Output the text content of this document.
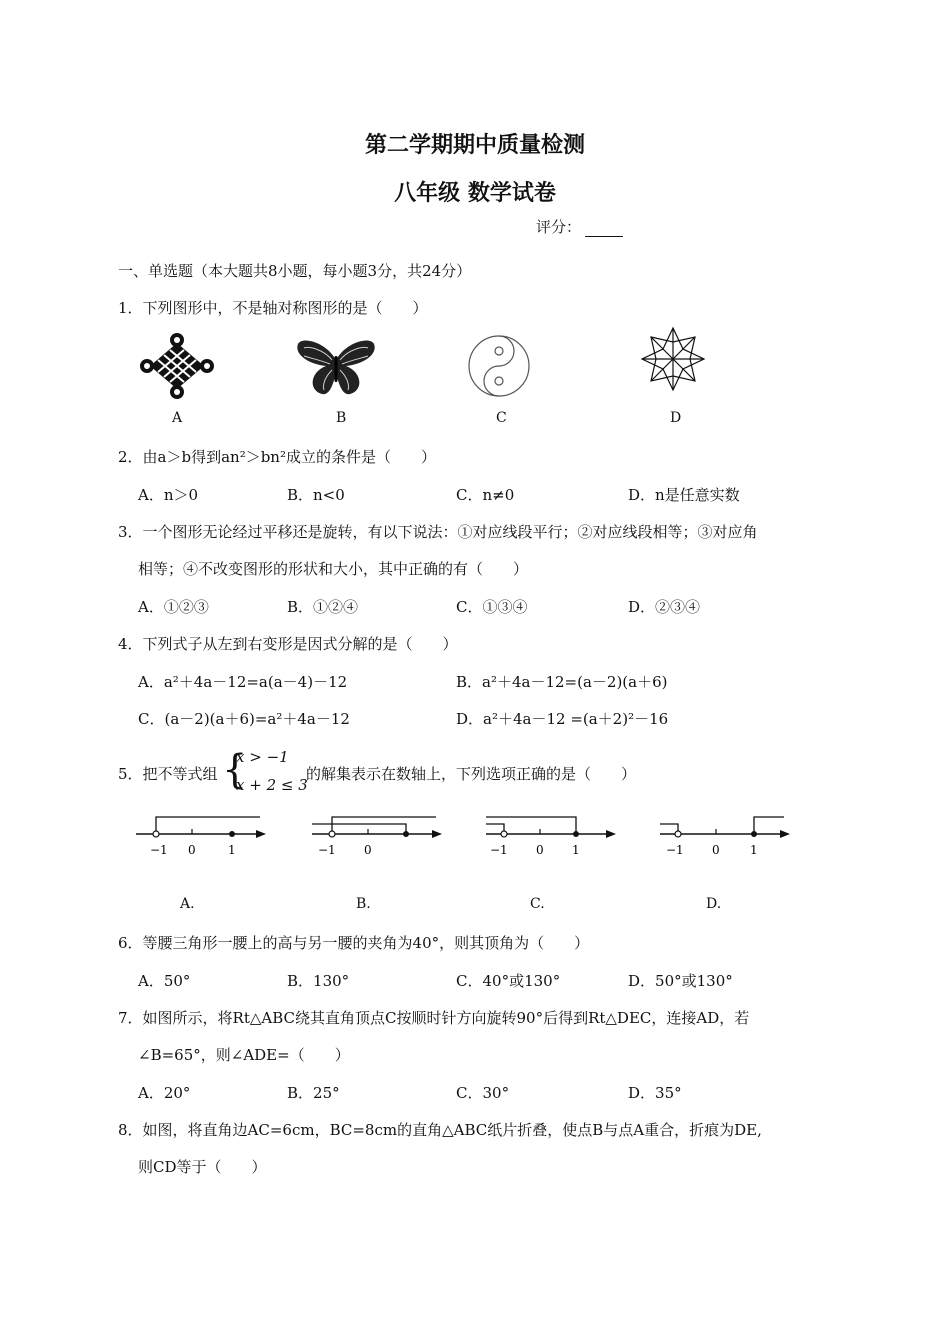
第二学期期中质量检测
八年级 数学试卷
评分：
一、单选题（本大题共8小题，每小题3分，共24分）
1．下列图形中，不是轴对称图形的是（　　）
A	B	C	D
2．由a＞b得到an²＞bn²成立的条件是（　　）
A．n＞0	B．n<0	C．n≠0	D．n是任意实数
3．一个图形无论经过平移还是旋转，有以下说法：①对应线段平行；②对应线段相等；③对应角
相等；④不改变图形的形状和大小，其中正确的有（　　）
A．①②③	B．①②④	C．①③④	D．②③④
4．下列式子从左到右变形是因式分解的是（　　）
A．a²＋4a－12=a(a－4)－12	B．a²＋4a－12=(a－2)(a＋6)
C．(a－2)(a＋6)=a²＋4a－12	D．a²＋4a－12 =(a＋2)²－16
5．把不等式组 {
x > −1
x + 2 ≤ 3
的解集表示在数轴上，下列选项正确的是（　　）
−1 0	1
A.
−1 0
B.
−1 0 1
C.
−1 0	1
D.
6．等腰三角形一腰上的高与另一腰的夹角为40°，则其顶角为（　　）
A．50°	B．130°	C．40°或130°	D．50°或130°
7．如图所示，将Rt△ABC绕其直角顶点C按顺时针方向旋转90°后得到Rt△DEC，连接AD，若
∠B=65°，则∠ADE=（　　）
A．20°	B．25°	C．30°	D．35°
8．如图，将直角边AC=6cm，BC=8cm的直角△ABC纸片折叠，使点B与点A重合，折痕为DE,
则CD等于（　　）
